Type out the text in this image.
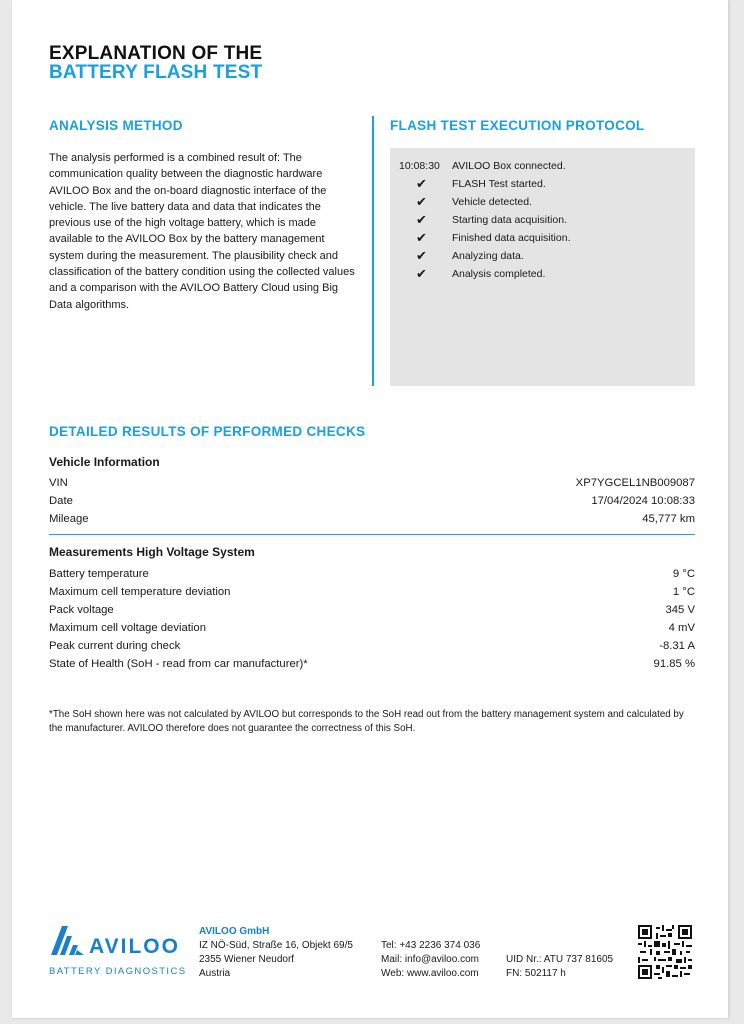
EXPLANATION OF THE
BATTERY FLASH TEST
ANALYSIS METHOD
The analysis performed is a combined result of: The communication quality between the diagnostic hardware AVILOO Box and the on-board diagnostic interface of the vehicle. The live battery data and data that indicates the previous use of the high voltage battery, which is made available to the AVILOO Box by the battery management system during the measurement. The plausibility check and classification of the battery condition using the collected values and a comparison with the AVILOO Battery Cloud using Big Data algorithms.
FLASH TEST EXECUTION PROTOCOL
10:08:30	AVILOO Box connected.
✔ FLASH Test started.
✔ Vehicle detected.
✔ Starting data acquisition.
✔ Finished data acquisition.
✔ Analyzing data.
✔ Analysis completed.
DETAILED RESULTS OF PERFORMED CHECKS
Vehicle Information
VIN	XP7YGCEL1NB009087
Date	17/04/2024 10:08:33
Mileage	45,777 km
Measurements High Voltage System
Battery temperature	9 °C
Maximum cell temperature deviation	1 °C
Pack voltage	345 V
Maximum cell voltage deviation	4 mV
Peak current during check	-8.31 A
State of Health (SoH - read from car manufacturer)*	91.85 %
*The SoH shown here was not calculated by AVILOO but corresponds to the SoH read out from the battery management system and calculated by the manufacturer. AVILOO therefore does not guarantee the correctness of this SoH.
AVILOO
BATTERY DIAGNOSTICS
AVILOO GmbH
IZ NÖ-Süd, Straße 16, Objekt 69/5
2355 Wiener Neudorf
Austria
Tel: +43 2236 374 036
Mail: info@aviloo.com
Web: www.aviloo.com
UID Nr.: ATU 737 81605
FN: 502117 h
